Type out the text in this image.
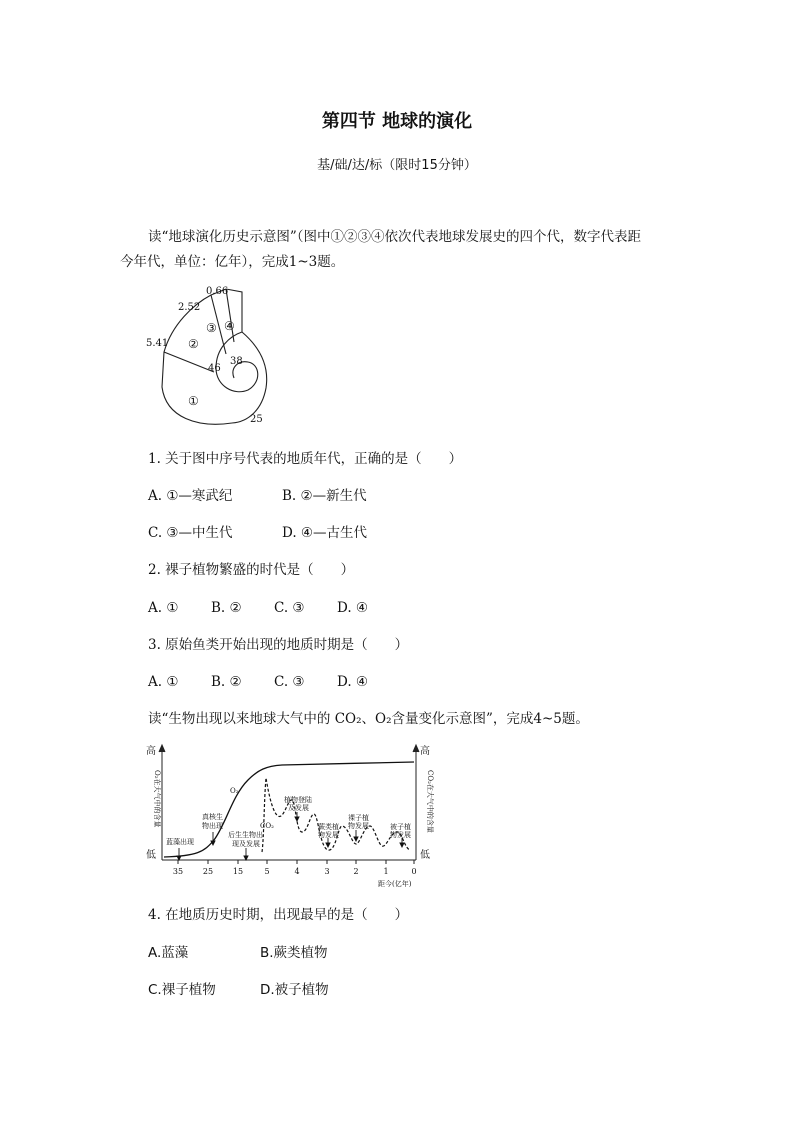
第四节 地球的演化
基/础/达/标（限时15分钟）
读“地球演化历史示意图”（图中①②③④依次代表地球发展史的四个代，数字代表距
今年代，单位：亿年），完成1~3题。
0.66
2.52
5.41
38
46
25
①
②
③ ④
1. 关于图中序号代表的地质年代，正确的是（　　）
A. ①—寒武纪	B. ②—新生代
C. ③—中生代	D. ④—古生代
2. 裸子植物繁盛的时代是（　　）
A. ① B. ② C. ③ D. ④
3. 原始鱼类开始出现的地质时期是（　　）
A. ① B. ② C. ③ D. ④
读“生物出现以来地球大气中的 CO₂、O₂含量变化示意图”，完成4~5题。
35 25 15	5	4	3	2	1	0
高
低
高
低
O₂在大气中的含量	CO₂在大气中的含量
O₂
CO₂
蓝藻出现
真核生
物出现
后生生物出
现及发展
植物登陆
及发展
蕨类植
物发展
裸子植
物发展	被子植
物发展
距今(亿年)
4. 在地质历史时期，出现最早的是（　　）
A.蓝藻	B.蕨类植物
C.裸子植物	D.被子植物
